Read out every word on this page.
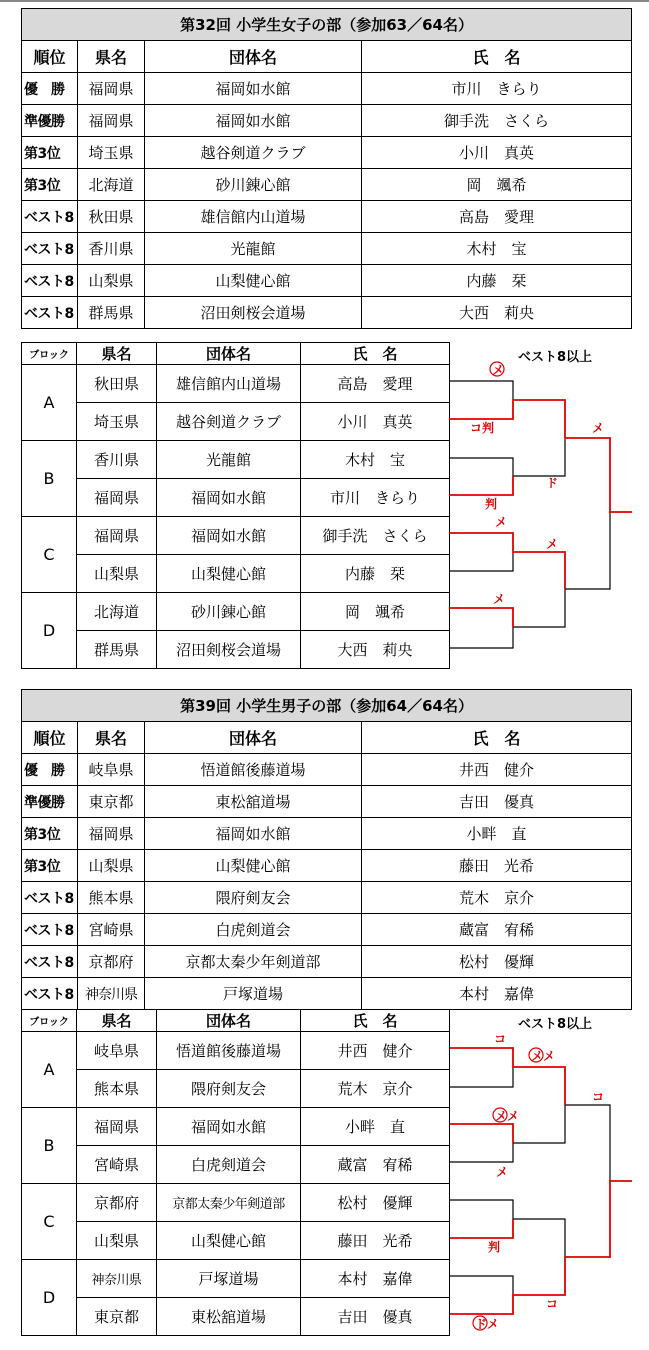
第32回 小学生女子の部（参加63／64名）			
順位	県名	団体名	氏　名
優　勝	福岡県	福岡如水館	市川　きらり
準優勝	福岡県	福岡如水館	御手洗　さくら
第3位	埼玉県	越谷剣道クラブ	小川　真英
第3位	北海道	砂川錬心館	岡　颯希
ベスト8	秋田県	雄信館内山道場	高島　愛理
ベスト8	香川県	光龍館	木村　宝
ベスト8	山梨県	山梨健心館	内藤　栞
ベスト8	群馬県	沼田剣桜会道場	大西　莉央
ブロック	県名	団体名	氏　名
A	秋田県	雄信館内山道場	高島　愛理
	埼玉県	越谷剣道クラブ	小川　真英
B	香川県	光龍館	木村　宝
	福岡県	福岡如水館	市川　きらり
C	福岡県	福岡如水館	御手洗　さくら
	山梨県	山梨健心館	内藤　栞
D	北海道	砂川錬心館	岡　颯希
	群馬県	沼田剣桜会道場	大西　莉央
ベスト8以上
メ
コ判
判
メ
メ
ド
メ
メ
コ
メメ
メメ
メ
判
コ
ドメ
コ
第39回 小学生男子の部（参加64／64名）			
順位	県名	団体名	氏　名
優　勝	岐阜県	悟道館後藤道場	井西　健介
準優勝	東京都	東松舘道場	吉田　優真
第3位	福岡県	福岡如水館	小畔　直
第3位	山梨県	山梨健心館	藤田　光希
ベスト8	熊本県	隈府剣友会	荒木　京介
ベスト8	宮崎県	白虎剣道会	蔵富　宥稀
ベスト8	京都府	京都太秦少年剣道部	松村　優輝
ベスト8	神奈川県	戸塚道場	本村　嘉偉
ブロック	県名	団体名	氏　名
A	岐阜県	悟道館後藤道場	井西　健介
	熊本県	隈府剣友会	荒木　京介
B	福岡県	福岡如水館	小畔　直
	宮崎県	白虎剣道会	蔵富　宥稀
C	京都府	京都太秦少年剣道部	松村　優輝
	山梨県	山梨健心館	藤田　光希
D	神奈川県	戸塚道場	本村　嘉偉
	東京都	東松舘道場	吉田　優真
ベスト8以上
